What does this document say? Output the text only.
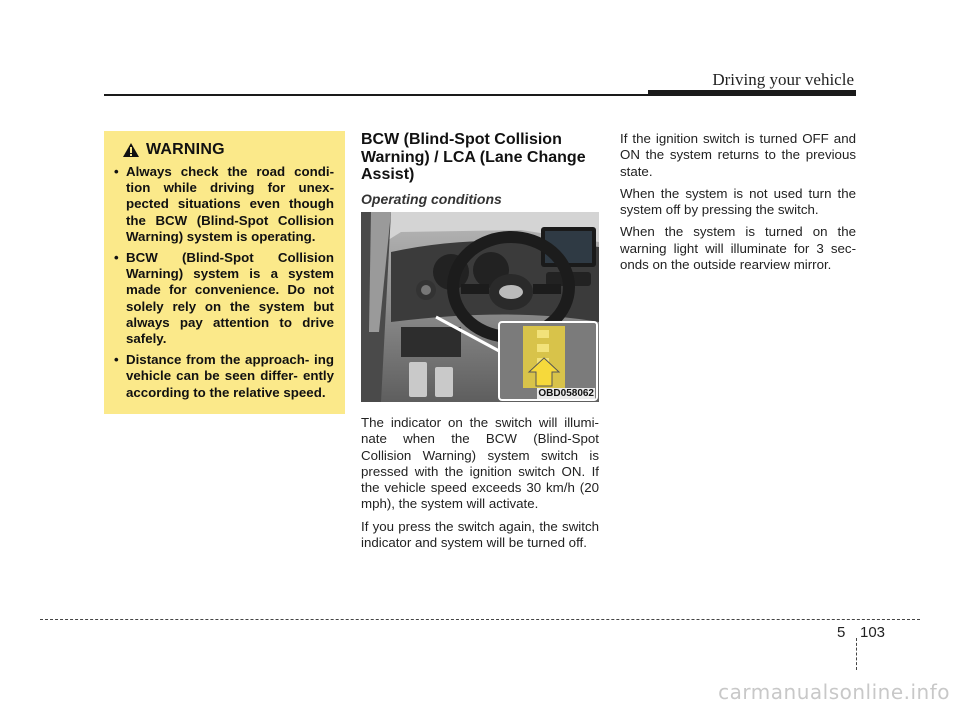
Driving your vehicle
WARNING
• Always check the road condi- tion while driving for unex- pected situations even though the BCW (Blind-Spot Collision Warning) system is operating.
• BCW (Blind-Spot Collision Warning) system is a system made for convenience. Do not solely rely on the system but always pay attention to drive safely.
• Distance from the approach- ing vehicle can be seen differ- ently according to the relative speed.
BCW (Blind-Spot Collision Warning) / LCA (Lane Change Assist)
Operating conditions
OBD058062

The indicator on the switch will illumi- nate when the BCW (Blind-Spot Collision Warning) system switch is pressed with the ignition switch ON. If the vehicle speed exceeds 30 km/h (20 mph), the system will activate.

If you press the switch again, the switch indicator and system will be turned off.

If the ignition switch is turned OFF and ON the system returns to the previous state.

When the system is not used turn the system off by pressing the switch.

When the system is turned on the warning light will illuminate for 3 sec- onds on the outside rearview mirror.

5 103
carmanualsonline.info
